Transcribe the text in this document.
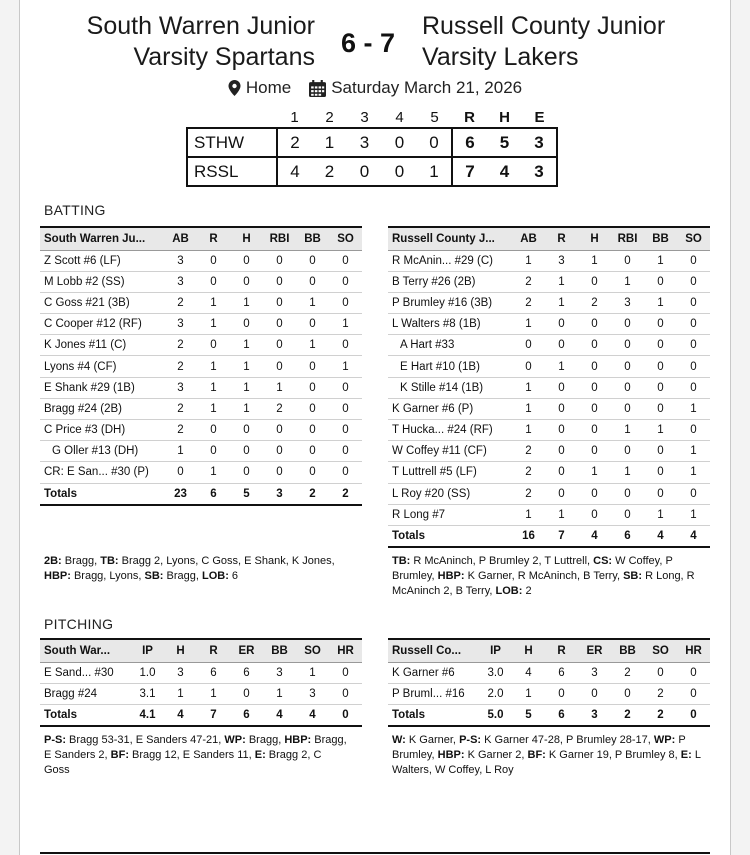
South Warren Junior Varsity Spartans 6 - 7
Russell County Junior Varsity Lakers
Home Saturday March 21, 2026
	1	2	3	4	5	R	H	E
STHW	2	1	3	0	0	6	5	3
RSSL	4	2	0	0	1	7	4	3
BATTING
South Warren Ju...	AB	R	H	RBI	BB	SO
Z Scott #6 (LF)	3	0	0	0	0	0
M Lobb #2 (SS)	3	0	0	0	0	0
C Goss #21 (3B)	2	1	1	0	1	0
C Cooper #12 (RF)	3	1	0	0	0	1
K Jones #11 (C)	2	0	1	0	1	0
Lyons #4 (CF)	2	1	1	0	0	1
E Shank #29 (1B)	3	1	1	1	0	0
Bragg #24 (2B)	2	1	1	2	0	0
C Price #3 (DH)	2	0	0	0	0	0
G Oller #13 (DH)	1	0	0	0	0	0
CR: E San... #30 (P)	0	1	0	0	0	0
Totals	23	6	5	3	2	2
Russell County J...	AB	R	H	RBI	BB	SO
R McAnin... #29 (C)	1	3	1	0	1	0
B Terry #26 (2B)	2	1	0	1	0	0
P Brumley #16 (3B)	2	1	2	3	1	0
L Walters #8 (1B)	1	0	0	0	0	0
A Hart #33	0	0	0	0	0	0
E Hart #10 (1B)	0	1	0	0	0	0
K Stille #14 (1B)	1	0	0	0	0	0
K Garner #6 (P)	1	0	0	0	0	1
T Hucka... #24 (RF)	1	0	0	1	1	0
W Coffey #11 (CF)	2	0	0	0	0	1
T Luttrell #5 (LF)	2	0	1	1	0	1
L Roy #20 (SS)	2	0	0	0	0	0
R Long #7	1	1	0	0	1	1
Totals	16	7	4	6	4	4
2B: Bragg, TB: Bragg 2, Lyons, C Goss, E Shank, K Jones, HBP: Bragg, Lyons, SB: Bragg, LOB: 6
TB: R McAninch, P Brumley 2, T Luttrell, CS: W Coffey, P Brumley, HBP: K Garner, R McAninch, B Terry, SB: R Long, R McAninch 2, B Terry, LOB: 2
PITCHING
South War...	IP	H	R	ER	BB	SO	HR
E Sand... #30	1.0	3	6	6	3	1	0
Bragg #24	3.1	1	1	0	1	3	0
Totals	4.1	4	7	6	4	4	0
Russell Co...	IP	H	R	ER	BB	SO	HR
K Garner #6	3.0	4	6	3	2	0	0
P Bruml... #16	2.0	1	0	0	0	2	0
Totals	5.0	5	6	3	2	2	0
P-S: Bragg 53-31, E Sanders 47-21, WP: Bragg, HBP: Bragg, E Sanders 2, BF: Bragg 12, E Sanders 11, E: Bragg 2, C Goss
W: K Garner, P-S: K Garner 47-28, P Brumley 28-17, WP: P Brumley, HBP: K Garner 2, BF: K Garner 19, P Brumley 8, E: L Walters, W Coffey, L Roy
